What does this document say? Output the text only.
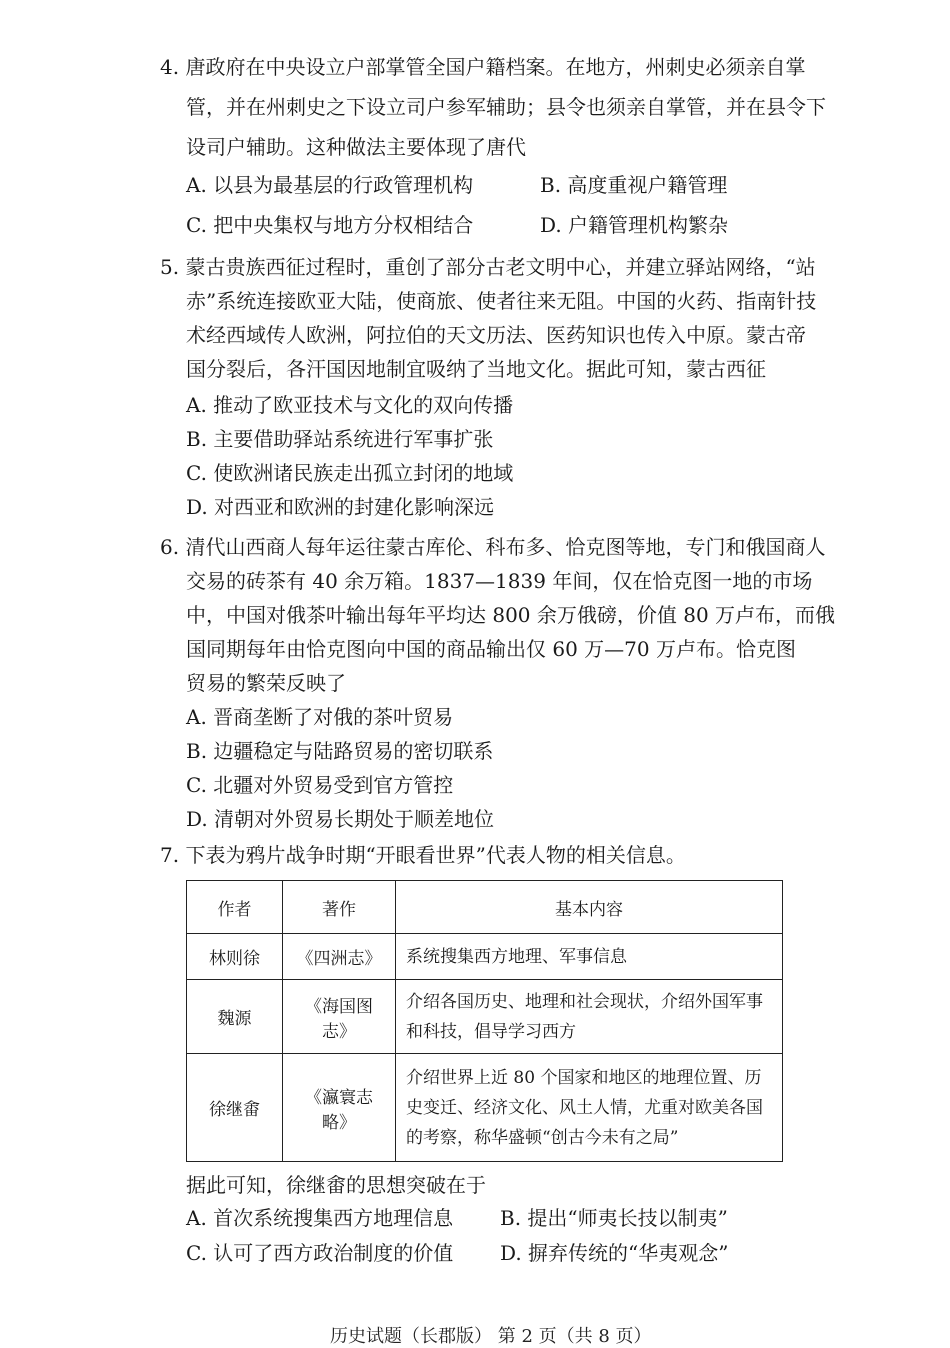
4. 唐政府在中央设立户部掌管全国户籍档案。在地方，州刺史必须亲自掌
管，并在州刺史之下设立司户参军辅助；县令也须亲自掌管，并在县令下
设司户辅助。这种做法主要体现了唐代
A. 以县为最基层的行政管理机构	B. 高度重视户籍管理
C. 把中央集权与地方分权相结合	D. 户籍管理机构繁杂
5. 蒙古贵族西征过程时，重创了部分古老文明中心，并建立驿站网络，“站
赤”系统连接欧亚大陆，使商旅、使者往来无阻。中国的火药、指南针技
术经西域传人欧洲，阿拉伯的天文历法、医药知识也传入中原。蒙古帝
国分裂后，各汗国因地制宜吸纳了当地文化。据此可知，蒙古西征
A. 推动了欧亚技术与文化的双向传播
B. 主要借助驿站系统进行军事扩张
C. 使欧洲诸民族走出孤立封闭的地域
D. 对西亚和欧洲的封建化影响深远
6. 清代山西商人每年运往蒙古库伦、科布多、恰克图等地，专门和俄国商人
交易的砖茶有 40 余万箱。1837—1839 年间，仅在恰克图一地的市场
中，中国对俄茶叶输出每年平均达 800 余万俄磅，价值 80 万卢布，而俄
国同期每年由恰克图向中国的商品输出仅 60 万—70 万卢布。恰克图
贸易的繁荣反映了
A. 晋商垄断了对俄的茶叶贸易
B. 边疆稳定与陆路贸易的密切联系
C. 北疆对外贸易受到官方管控
D. 清朝对外贸易长期处于顺差地位
7. 下表为鸦片战争时期“开眼看世界”代表人物的相关信息。
作者	著作	基本内容
林则徐	《四洲志》	系统搜集西方地理、军事信息
魏源	《海国图志》	介绍各国历史、地理和社会现状，介绍外国军事和科技，倡导学习西方
徐继畬	《瀛寰志略》	介绍世界上近 80 个国家和地区的地理位置、历史变迁、经济文化、风土人情，尤重对欧美各国的考察，称华盛顿“创古今未有之局”
据此可知，徐继畬的思想突破在于
A. 首次系统搜集西方地理信息 B. 提出“师夷长技以制夷”
C. 认可了西方政治制度的价值 D. 摒弃传统的“华夷观念”
历史试题（长郡版） 第 2 页（共 8 页）
